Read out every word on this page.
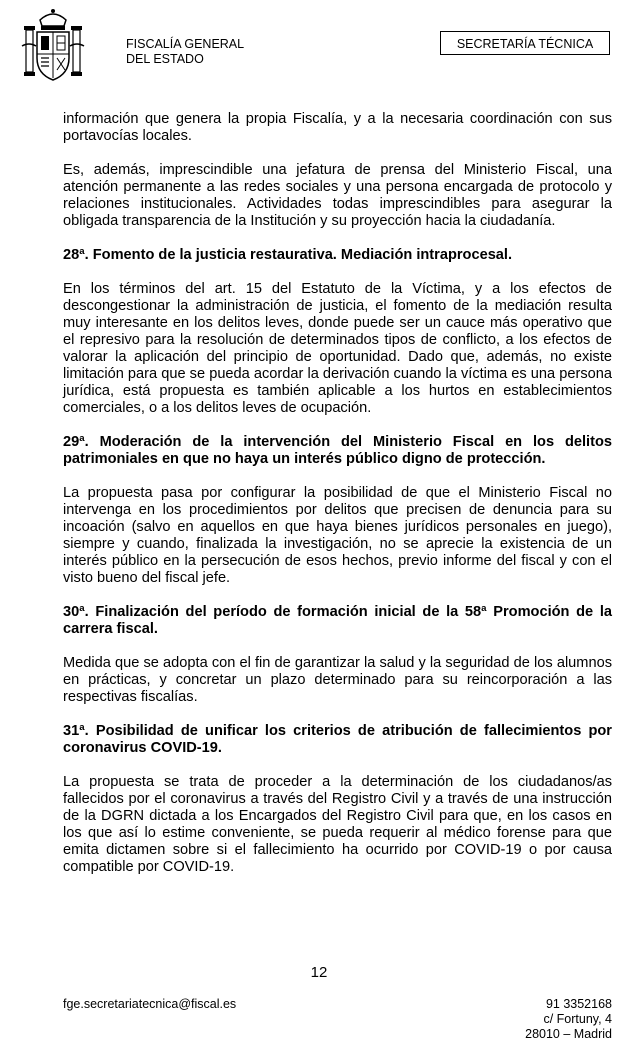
FISCALÍA GENERAL
DEL ESTADO
SECRETARÍA TÉCNICA

información que genera la propia Fiscalía, y a la necesaria coordinación con sus portavocías locales.

Es, además, imprescindible una jefatura de prensa del Ministerio Fiscal, una atención permanente a las redes sociales y una persona encargada de protocolo y relaciones institucionales. Actividades todas imprescindibles para asegurar la obligada transparencia de la Institución y su proyección hacia la ciudadanía.

28ª. Fomento de la justicia restaurativa. Mediación intraprocesal.

En los términos del art. 15 del Estatuto de la Víctima, y a los efectos de descongestionar la administración de justicia, el fomento de la mediación resulta muy interesante en los delitos leves, donde puede ser un cauce más operativo que el represivo para la resolución de determinados tipos de conflicto, a los efectos de valorar la aplicación del principio de oportunidad. Dado que, además, no existe limitación para que se pueda acordar la derivación cuando la víctima es una persona jurídica, está propuesta es también aplicable a los hurtos en establecimientos comerciales, o a los delitos leves de ocupación.

29ª. Moderación de la intervención del Ministerio Fiscal en los delitos patrimoniales en que no haya un interés público digno de protección.

La propuesta pasa por configurar la posibilidad de que el Ministerio Fiscal no intervenga en los procedimientos por delitos que precisen de denuncia para su incoación (salvo en aquellos en que haya bienes jurídicos personales en juego), siempre y cuando, finalizada la investigación, no se aprecie la existencia de un interés público en la persecución de esos hechos, previo informe del fiscal y con el visto bueno del fiscal jefe.

30ª. Finalización del período de formación inicial de la 58ª Promoción de la carrera fiscal.

Medida que se adopta con el fin de garantizar la salud y la seguridad de los alumnos en prácticas, y concretar un plazo determinado para su reincorporación a las respectivas fiscalías.

31ª. Posibilidad de unificar los criterios de atribución de fallecimientos por coronavirus COVID-19.

La propuesta se trata de proceder a la determinación de los ciudadanos/as fallecidos por el coronavirus a través del Registro Civil y a través de una instrucción de la DGRN dictada a los Encargados del Registro Civil para que, en los casos en los que así lo estime conveniente, se pueda requerir al médico forense para que emita dictamen sobre si el fallecimiento ha ocurrido por COVID-19 o por causa compatible por COVID-19.

12
fge.secretariatecnica@fiscal.es	91 3352168
c/ Fortuny, 4
28010 – Madrid
